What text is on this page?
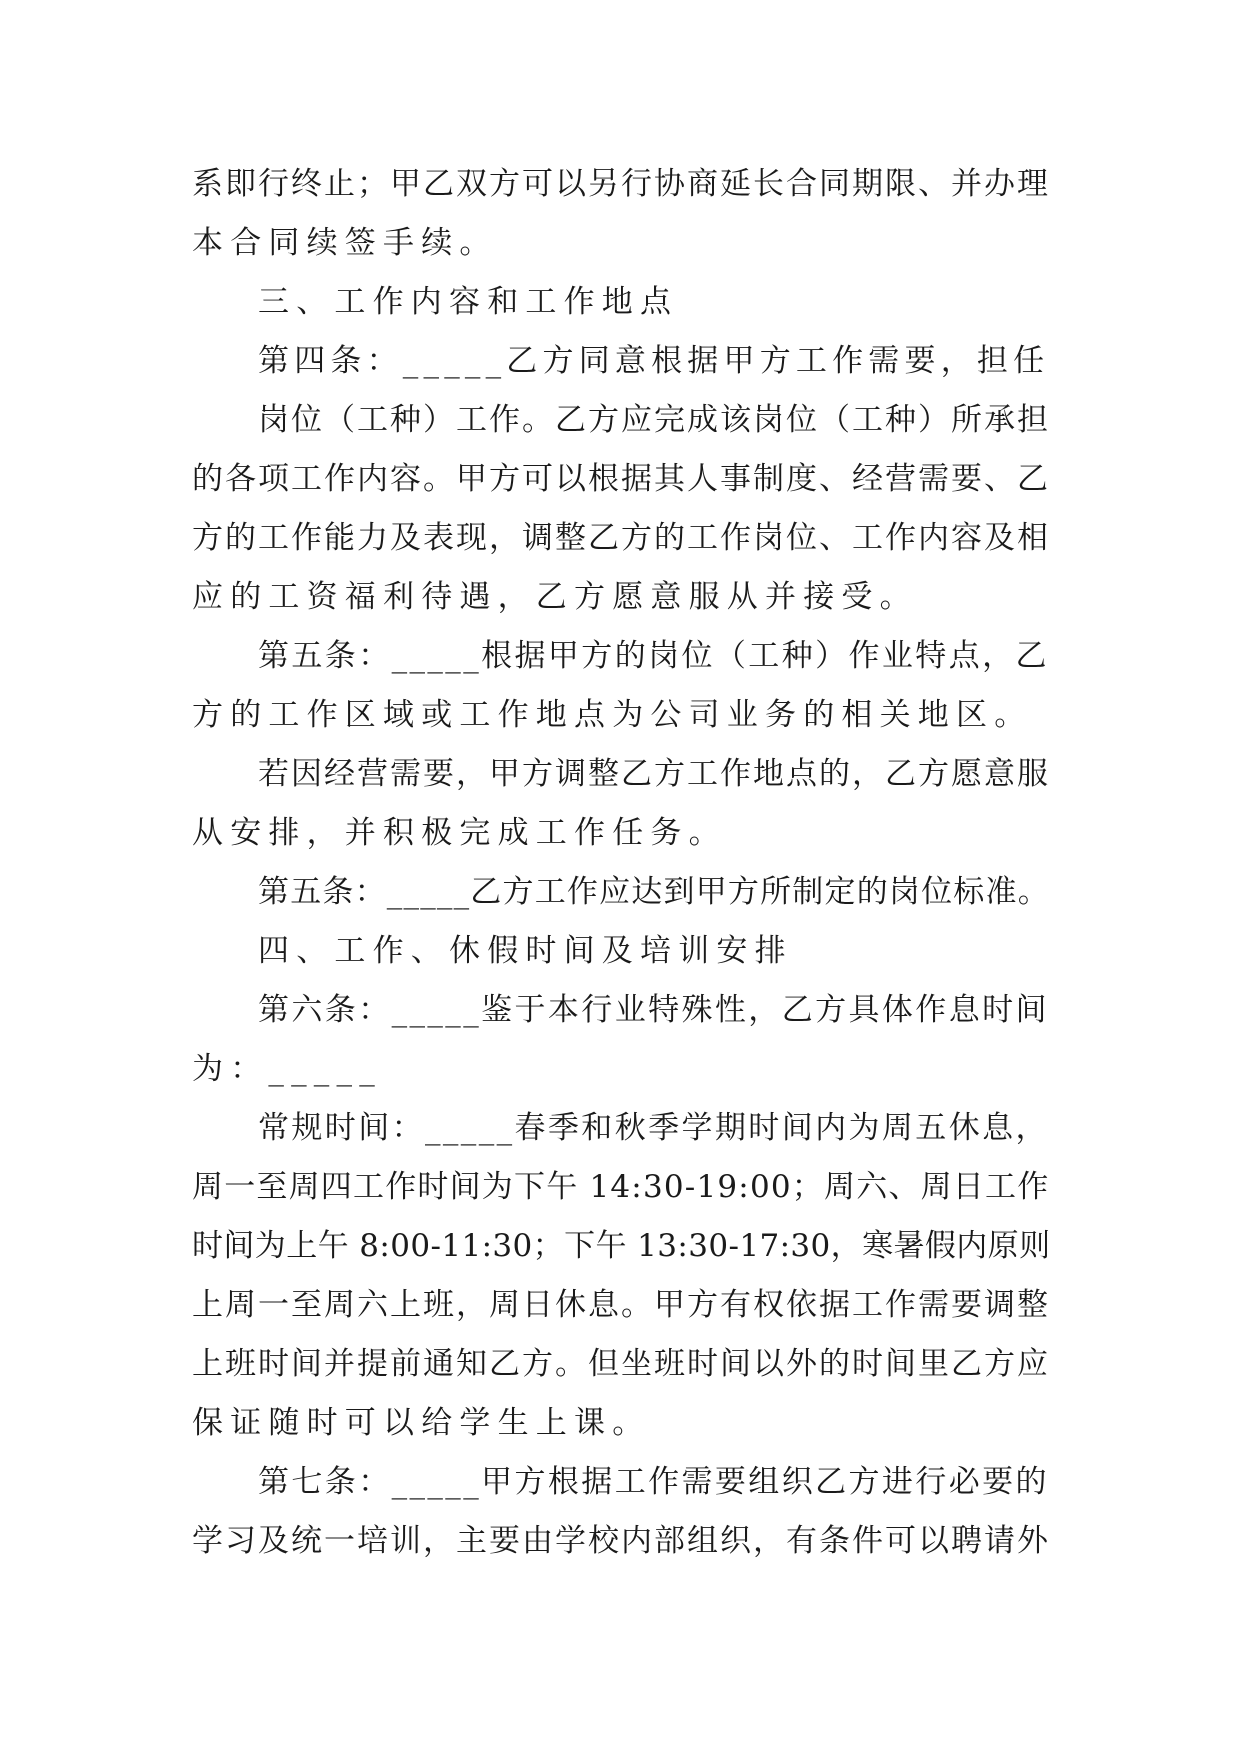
系即行终止；甲乙双方可以另行协商延长合同期限、并办理
本合同续签手续。
三、工作内容和工作地点
第四条：_____乙方同意根据甲方工作需要，担任
岗位（工种）工作。乙方应完成该岗位（工种）所承担
的各项工作内容。甲方可以根据其人事制度、经营需要、乙
方的工作能力及表现，调整乙方的工作岗位、工作内容及相
应的工资福利待遇，乙方愿意服从并接受。
第五条：_____根据甲方的岗位（工种）作业特点，乙
方的工作区域或工作地点为公司业务的相关地区。
若因经营需要，甲方调整乙方工作地点的，乙方愿意服
从安排，并积极完成工作任务。
第五条：_____乙方工作应达到甲方所制定的岗位标准。
四、工作、休假时间及培训安排
第六条：_____鉴于本行业特殊性，乙方具体作息时间
为：_____
常规时间：_____春季和秋季学期时间内为周五休息，
周一至周四工作时间为下午 14:30-19:00；周六、周日工作
时间为上午 8:00-11:30；下午 13:30-17:30，寒暑假内原则
上周一至周六上班，周日休息。甲方有权依据工作需要调整
上班时间并提前通知乙方。但坐班时间以外的时间里乙方应
保证随时可以给学生上课。
第七条：_____甲方根据工作需要组织乙方进行必要的
学习及统一培训，主要由学校内部组织，有条件可以聘请外
